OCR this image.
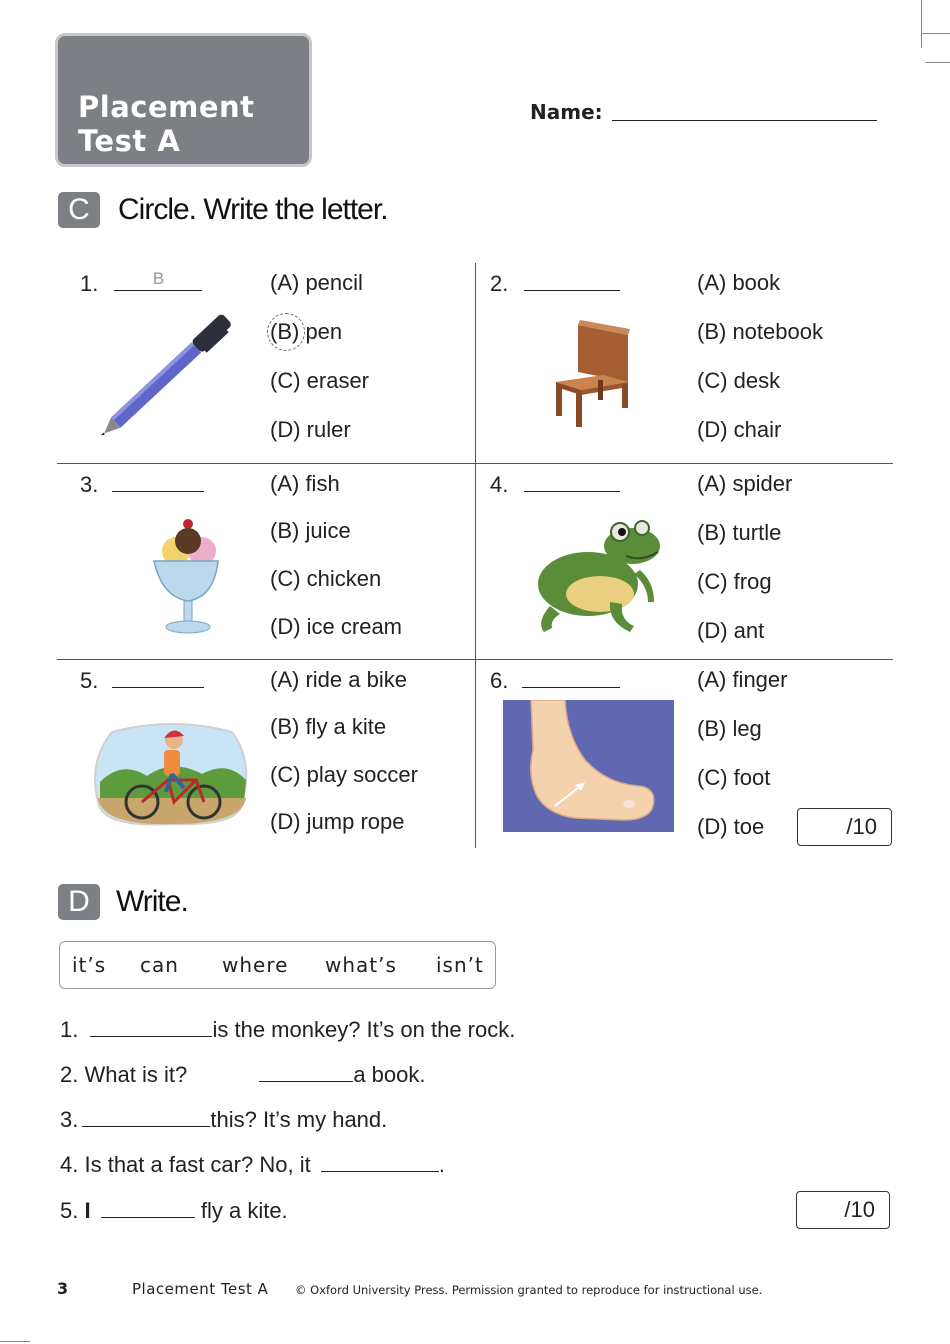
Placement
Test A
Name:
C Circle. Write the letter.
1.	B	(A) pencil
(B) pen
(C) eraser
(D) ruler
2.	(A) book
(B) notebook
(C) desk
(D) chair
3.	(A) fish
(B) juice
(C) chicken
(D) ice cream
4.	(A) spider
(B) turtle
(C) frog
(D) ant
5.	(A) ride a bike
(B) fly a kite
(C) play soccer
(D) jump rope
6.	(A) finger
(B) leg
(C) foot
(D) toe	/10
D Write.
it’s can where what’s isn’t
1.	is the monkey? It’s on the rock.
2. What is it?	a book.
3.	this? It’s my hand.
4. Is that a fast car? No, it	.
5. I	fly a kite.	/10
3	Placement Test A © Oxford University Press. Permission granted to reproduce for instructional use.
